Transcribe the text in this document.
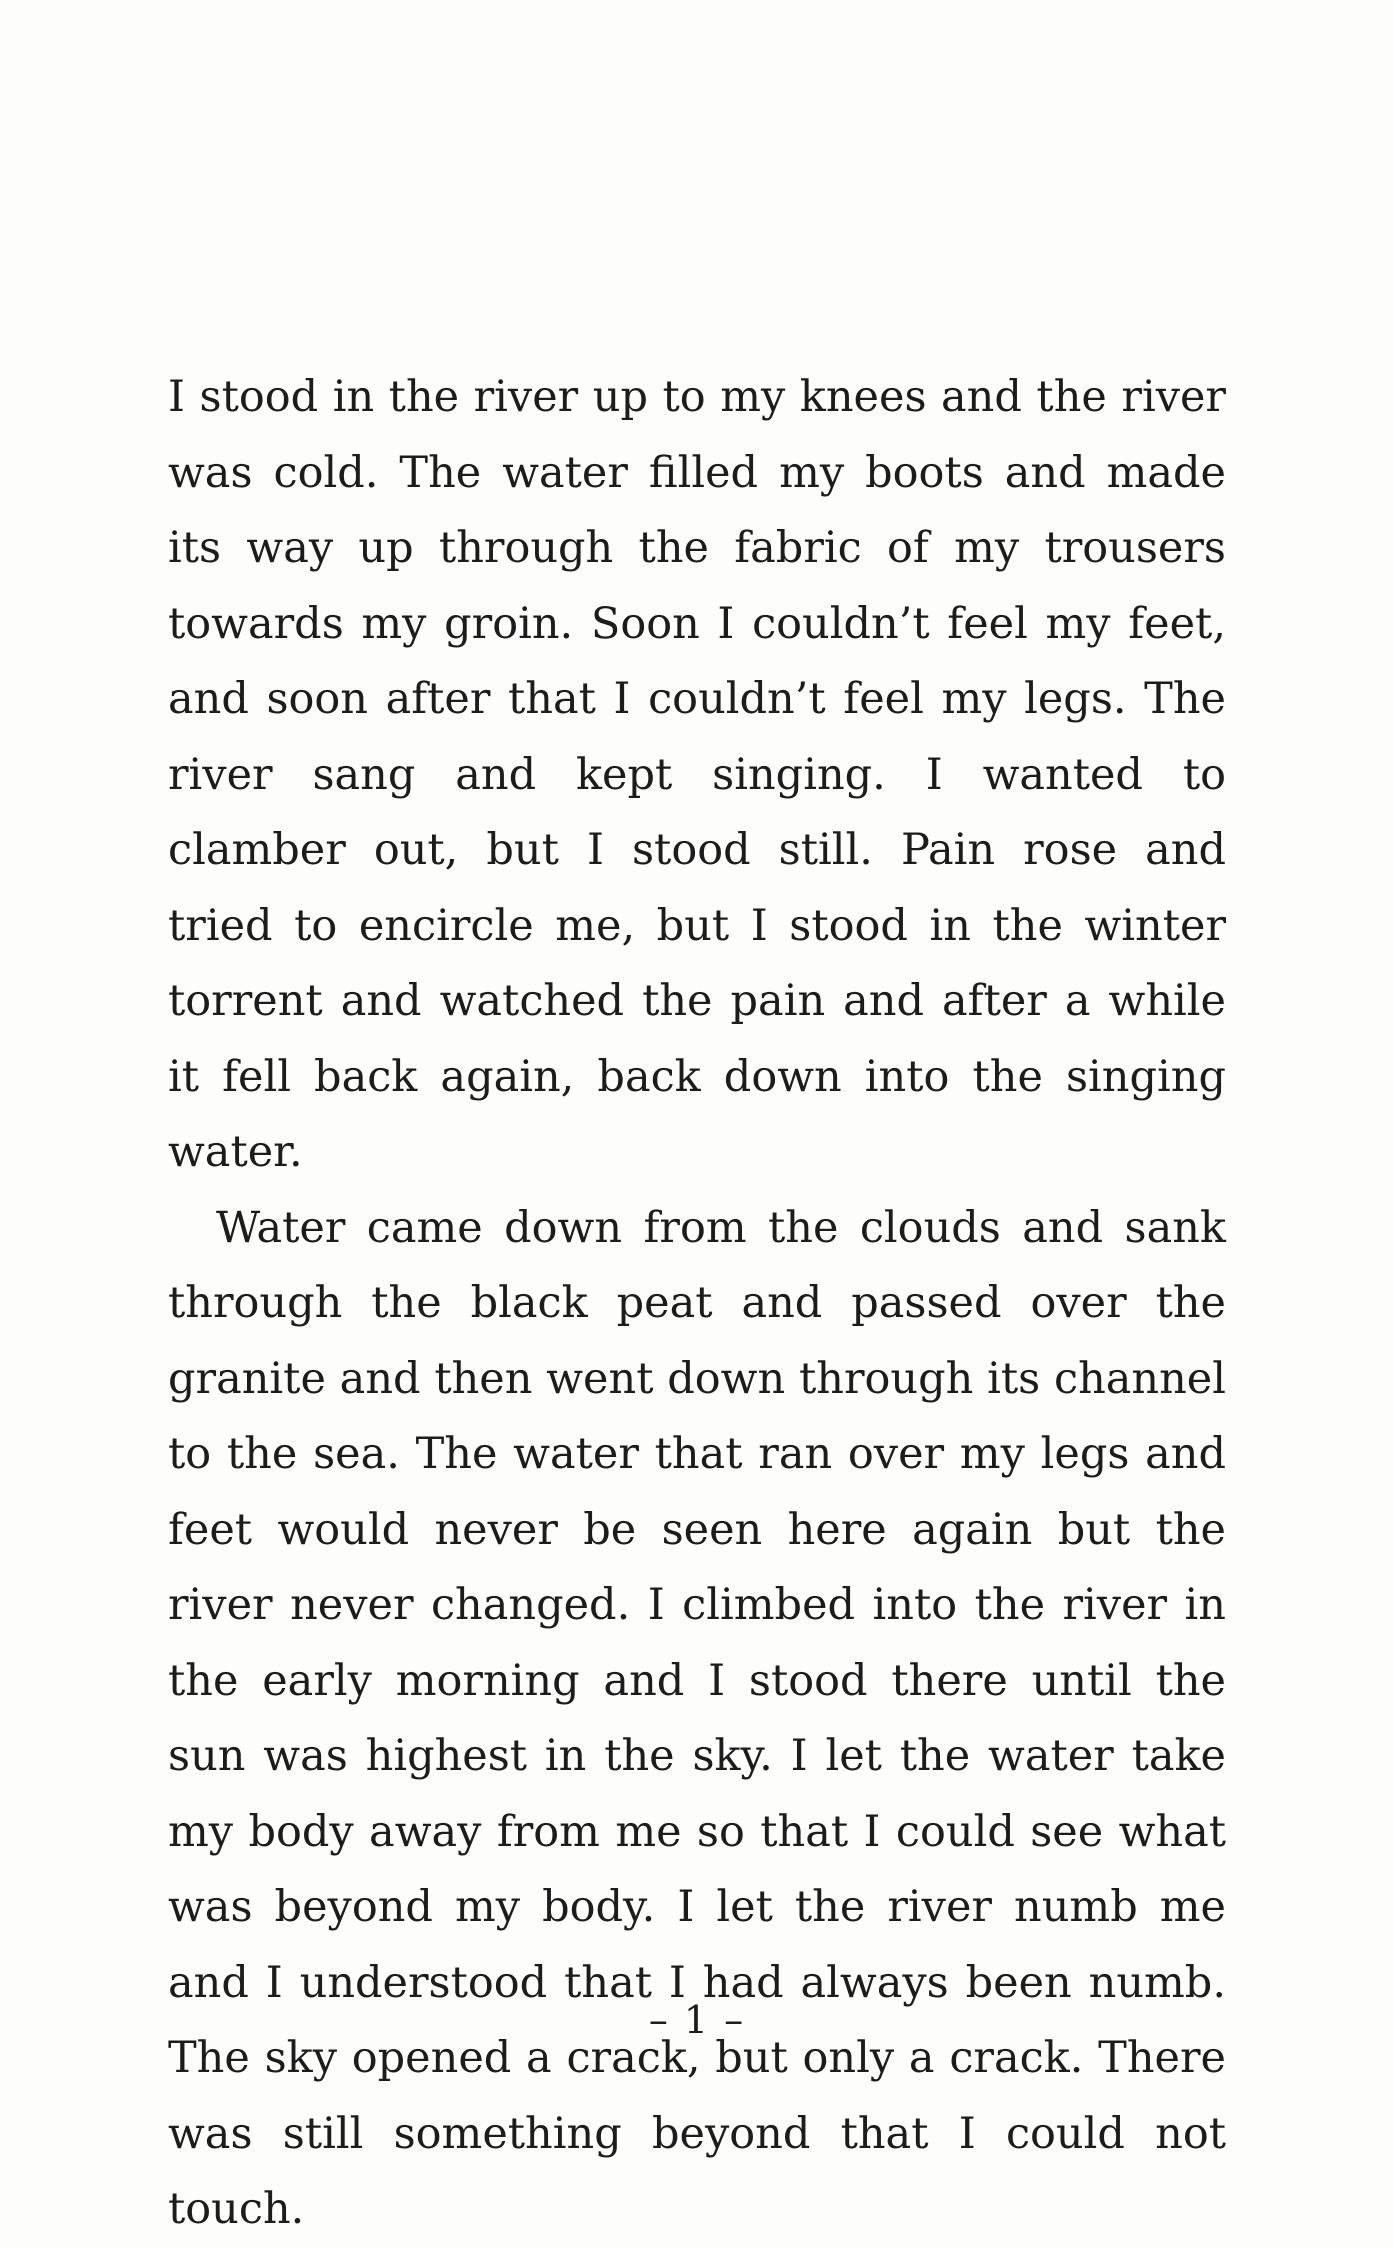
I stood in the river up to my knees and the river was cold. The water filled my boots and made its way up through the fabric of my trousers towards my groin. Soon I couldn’t feel my feet, and soon after that I couldn’t feel my legs. The river sang and kept singing. I wanted to clamber out, but I stood still. Pain rose and tried to encircle me, but I stood in the winter torrent and watched the pain and after a while it fell back again, back down into the singing water.

Water came down from the clouds and sank through the black peat and passed over the granite and then went down through its channel to the sea. The water that ran over my legs and feet would never be seen here again but the river never changed. I climbed into the river in the early morning and I stood there until the sun was highest in the sky. I let the water take my body away from me so that I could see what was beyond my body. I let the river numb me and I understood that I had always been numb. The sky opened a crack, but only a crack. There was still something beyond that I could not touch.

– 1 –
